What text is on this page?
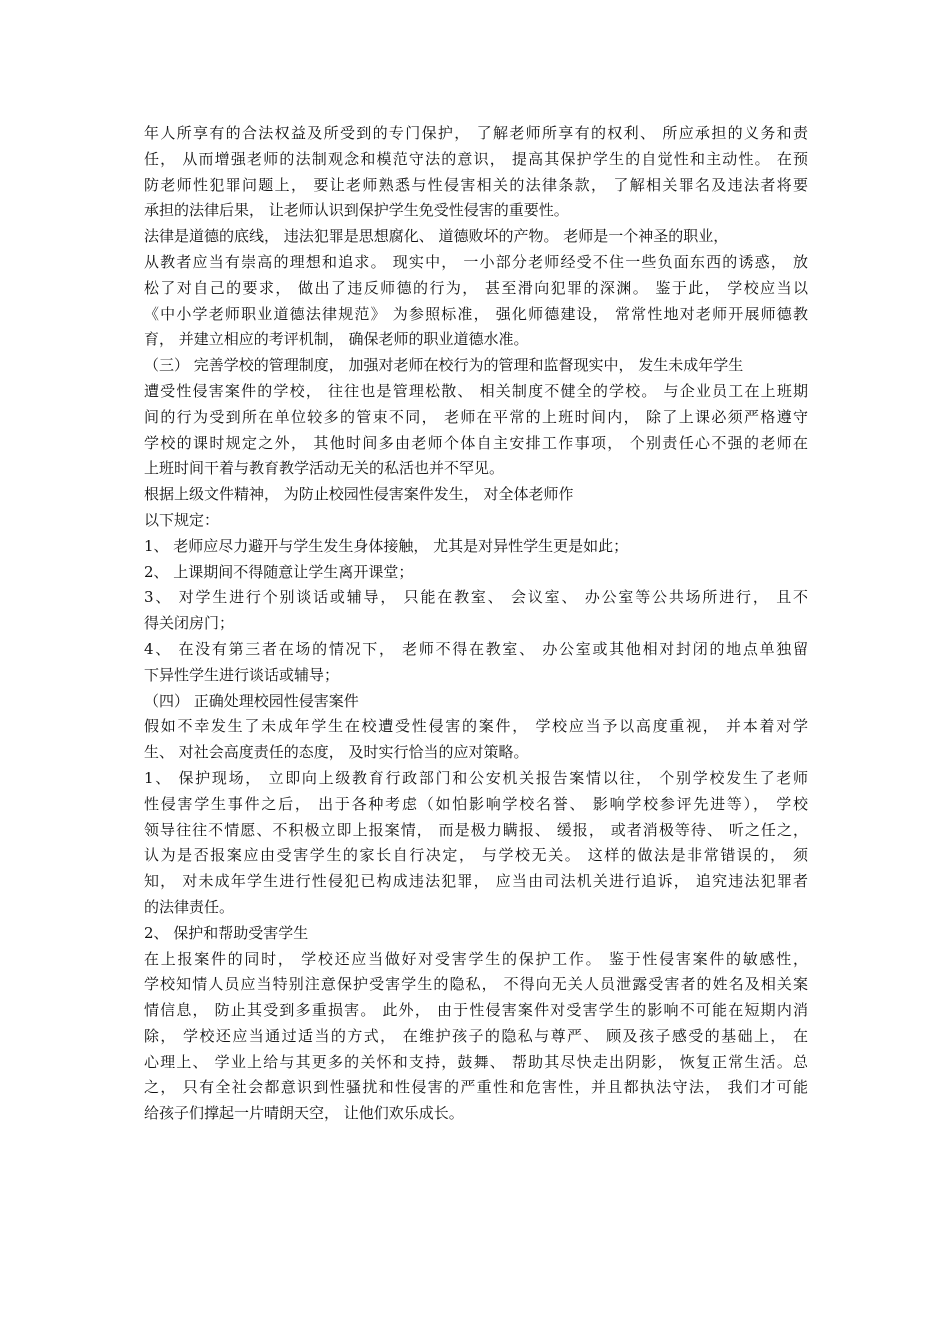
年人所享有的合法权益及所受到的专门保护， 了解老师所享有的权利、 所应承担的义务和责
任， 从而增强老师的法制观念和模范守法的意识， 提高其保护学生的自觉性和主动性。 在预
防老师性犯罪问题上， 要让老师熟悉与性侵害相关的法律条款， 了解相关罪名及违法者将要
承担的法律后果， 让老师认识到保护学生免受性侵害的重要性。
法律是道德的底线， 违法犯罪是思想腐化、 道德败坏的产物。 老师是一个神圣的职业，
从教者应当有崇高的理想和追求。 现实中， 一小部分老师经受不住一些负面东西的诱惑， 放
松了对自己的要求， 做出了违反师德的行为， 甚至滑向犯罪的深渊。 鉴于此， 学校应当以
《中小学老师职业道德法律规范》 为参照标准， 强化师德建设， 常常性地对老师开展师德教
育， 并建立相应的考评机制， 确保老师的职业道德水准。
（三） 完善学校的管理制度， 加强对老师在校行为的管理和监督现实中， 发生未成年学生
遭受性侵害案件的学校， 往往也是管理松散、 相关制度不健全的学校。 与企业员工在上班期
间的行为受到所在单位较多的管束不同， 老师在平常的上班时间内， 除了上课必须严格遵守
学校的课时规定之外， 其他时间多由老师个体自主安排工作事项， 个别责任心不强的老师在
上班时间干着与教育教学活动无关的私活也并不罕见。
根据上级文件精神， 为防止校园性侵害案件发生， 对全体老师作
以下规定：
1、 老师应尽力避开与学生发生身体接触， 尤其是对异性学生更是如此；
2、 上课期间不得随意让学生离开课堂；
3、 对学生进行个别谈话或辅导， 只能在教室、 会议室、 办公室等公共场所进行， 且不
得关闭房门；
4、 在没有第三者在场的情况下， 老师不得在教室、 办公室或其他相对封闭的地点单独留
下异性学生进行谈话或辅导；
（四） 正确处理校园性侵害案件
假如不幸发生了未成年学生在校遭受性侵害的案件， 学校应当予以高度重视， 并本着对学
生、 对社会高度责任的态度， 及时实行恰当的应对策略。
1、 保护现场， 立即向上级教育行政部门和公安机关报告案情以往， 个别学校发生了老师
性侵害学生事件之后， 出于各种考虑（如怕影响学校名誉、 影响学校参评先进等）， 学校
领导往往不情愿、不积极立即上报案情， 而是极力瞒报、 缓报， 或者消极等待、 听之任之，
认为是否报案应由受害学生的家长自行决定， 与学校无关。 这样的做法是非常错误的， 须
知， 对未成年学生进行性侵犯已构成违法犯罪， 应当由司法机关进行追诉， 追究违法犯罪者
的法律责任。
2、 保护和帮助受害学生
在上报案件的同时， 学校还应当做好对受害学生的保护工作。 鉴于性侵害案件的敏感性，
学校知情人员应当特别注意保护受害学生的隐私， 不得向无关人员泄露受害者的姓名及相关案
情信息， 防止其受到多重损害。 此外， 由于性侵害案件对受害学生的影响不可能在短期内消
除， 学校还应当通过适当的方式， 在维护孩子的隐私与尊严、 顾及孩子感受的基础上， 在
心理上、 学业上给与其更多的关怀和支持，鼓舞、 帮助其尽快走出阴影， 恢复正常生活。总
之， 只有全社会都意识到性骚扰和性侵害的严重性和危害性，并且都执法守法， 我们才可能
给孩子们撑起一片晴朗天空， 让他们欢乐成长。
